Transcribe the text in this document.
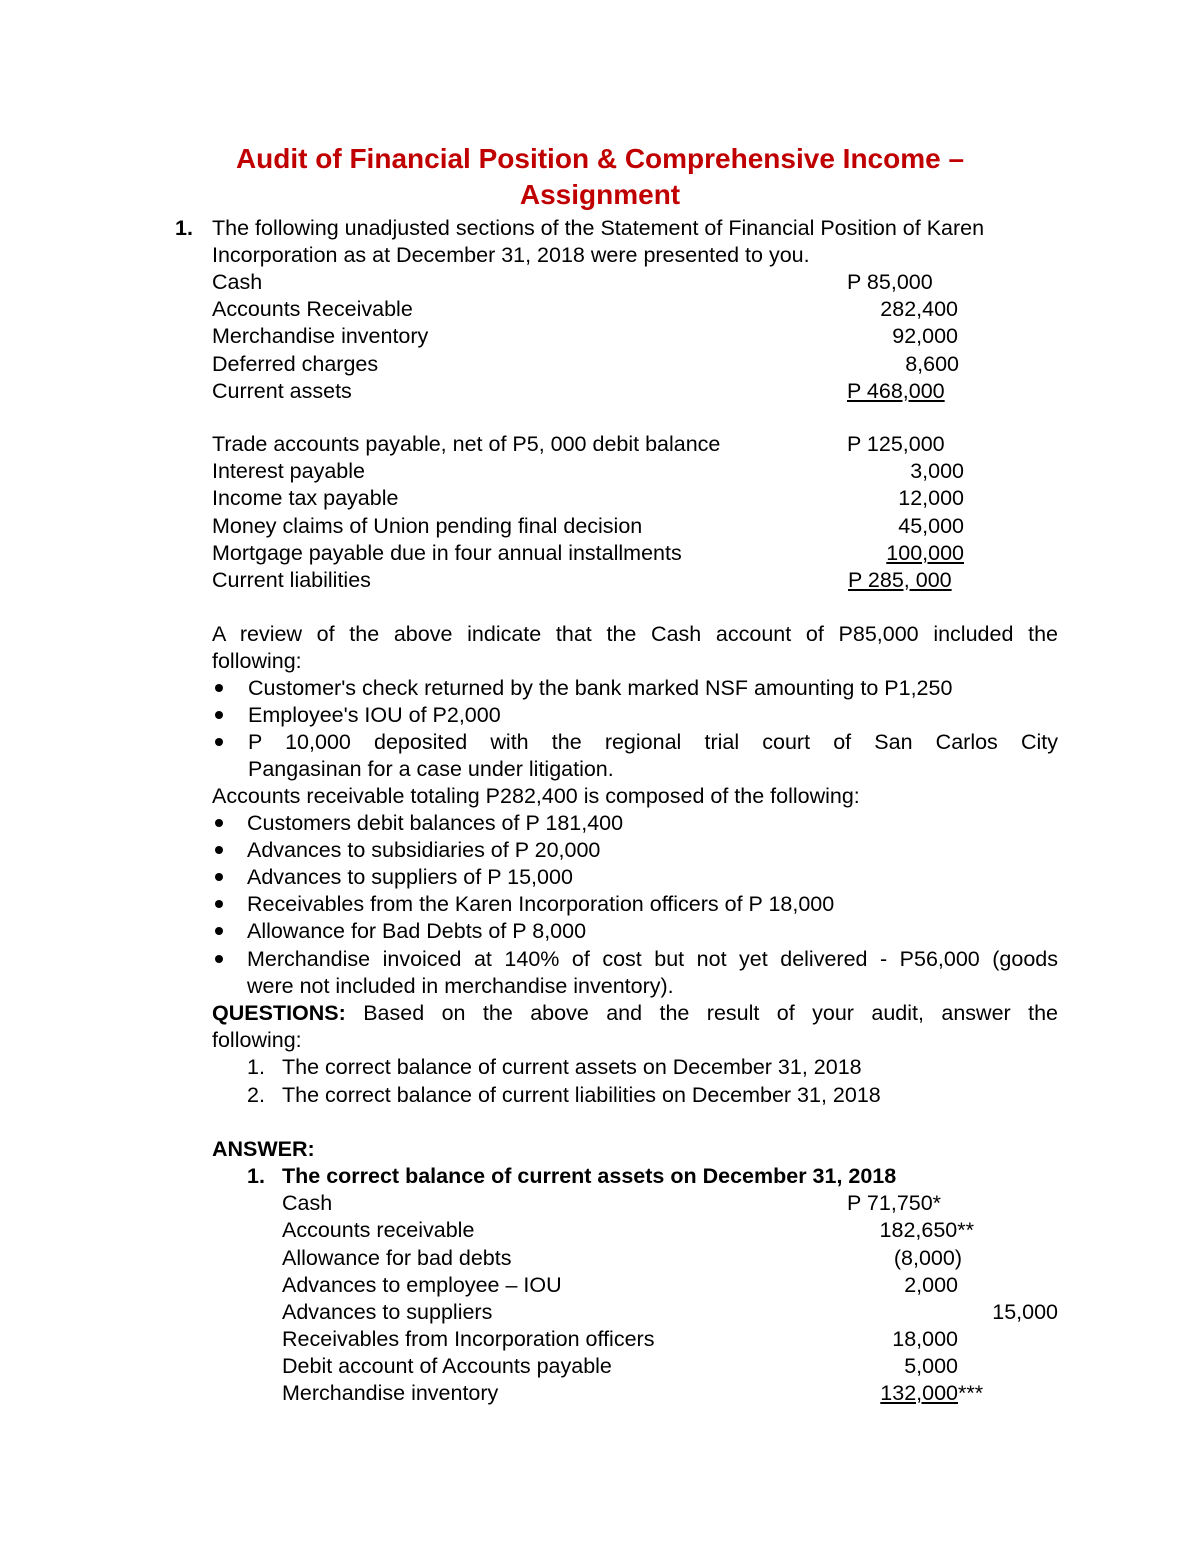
Audit of Financial Position & Comprehensive Income –
Assignment
1. The following unadjusted sections of the Statement of Financial Position of Karen
Incorporation as at December 31, 2018 were presented to you.
Cash	P 85,000
Accounts Receivable	282,400
Merchandise inventory	92,000
Deferred charges	8,600
Current assets	P 468,000
Trade accounts payable, net of P5, 000 debit balance	P 125,000
Interest payable	3,000
Income tax payable	12,000
Money claims of Union pending final decision	45,000
Mortgage payable due in four annual installments	100,000
Current liabilities	P 285, 000
A review of the above indicate that the Cash account of P85,000 included the
following:
Customer's check returned by the bank marked NSF amounting to P1,250
Employee's IOU of P2,000
P 10,000 deposited with the regional trial court of San Carlos City
Pangasinan for a case under litigation.
Accounts receivable totaling P282,400 is composed of the following:
Customers debit balances of P 181,400
Advances to subsidiaries of P 20,000
Advances to suppliers of P 15,000
Receivables from the Karen Incorporation officers of P 18,000
Allowance for Bad Debts of P 8,000
Merchandise invoiced at 140% of cost but not yet delivered - P56,000 (goods
were not included in merchandise inventory).
QUESTIONS: Based on the above and the result of your audit, answer the
following:
1. The correct balance of current assets on December 31, 2018
2. The correct balance of current liabilities on December 31, 2018
ANSWER:
1. The correct balance of current assets on December 31, 2018
Cash	P 71,750*
Accounts receivable	182,650**
Allowance for bad debts	(8,000)
Advances to employee – IOU	2,000
Advances to suppliers	15,000
Receivables from Incorporation officers	18,000
Debit account of Accounts payable	5,000
Merchandise inventory	132,000 ***
